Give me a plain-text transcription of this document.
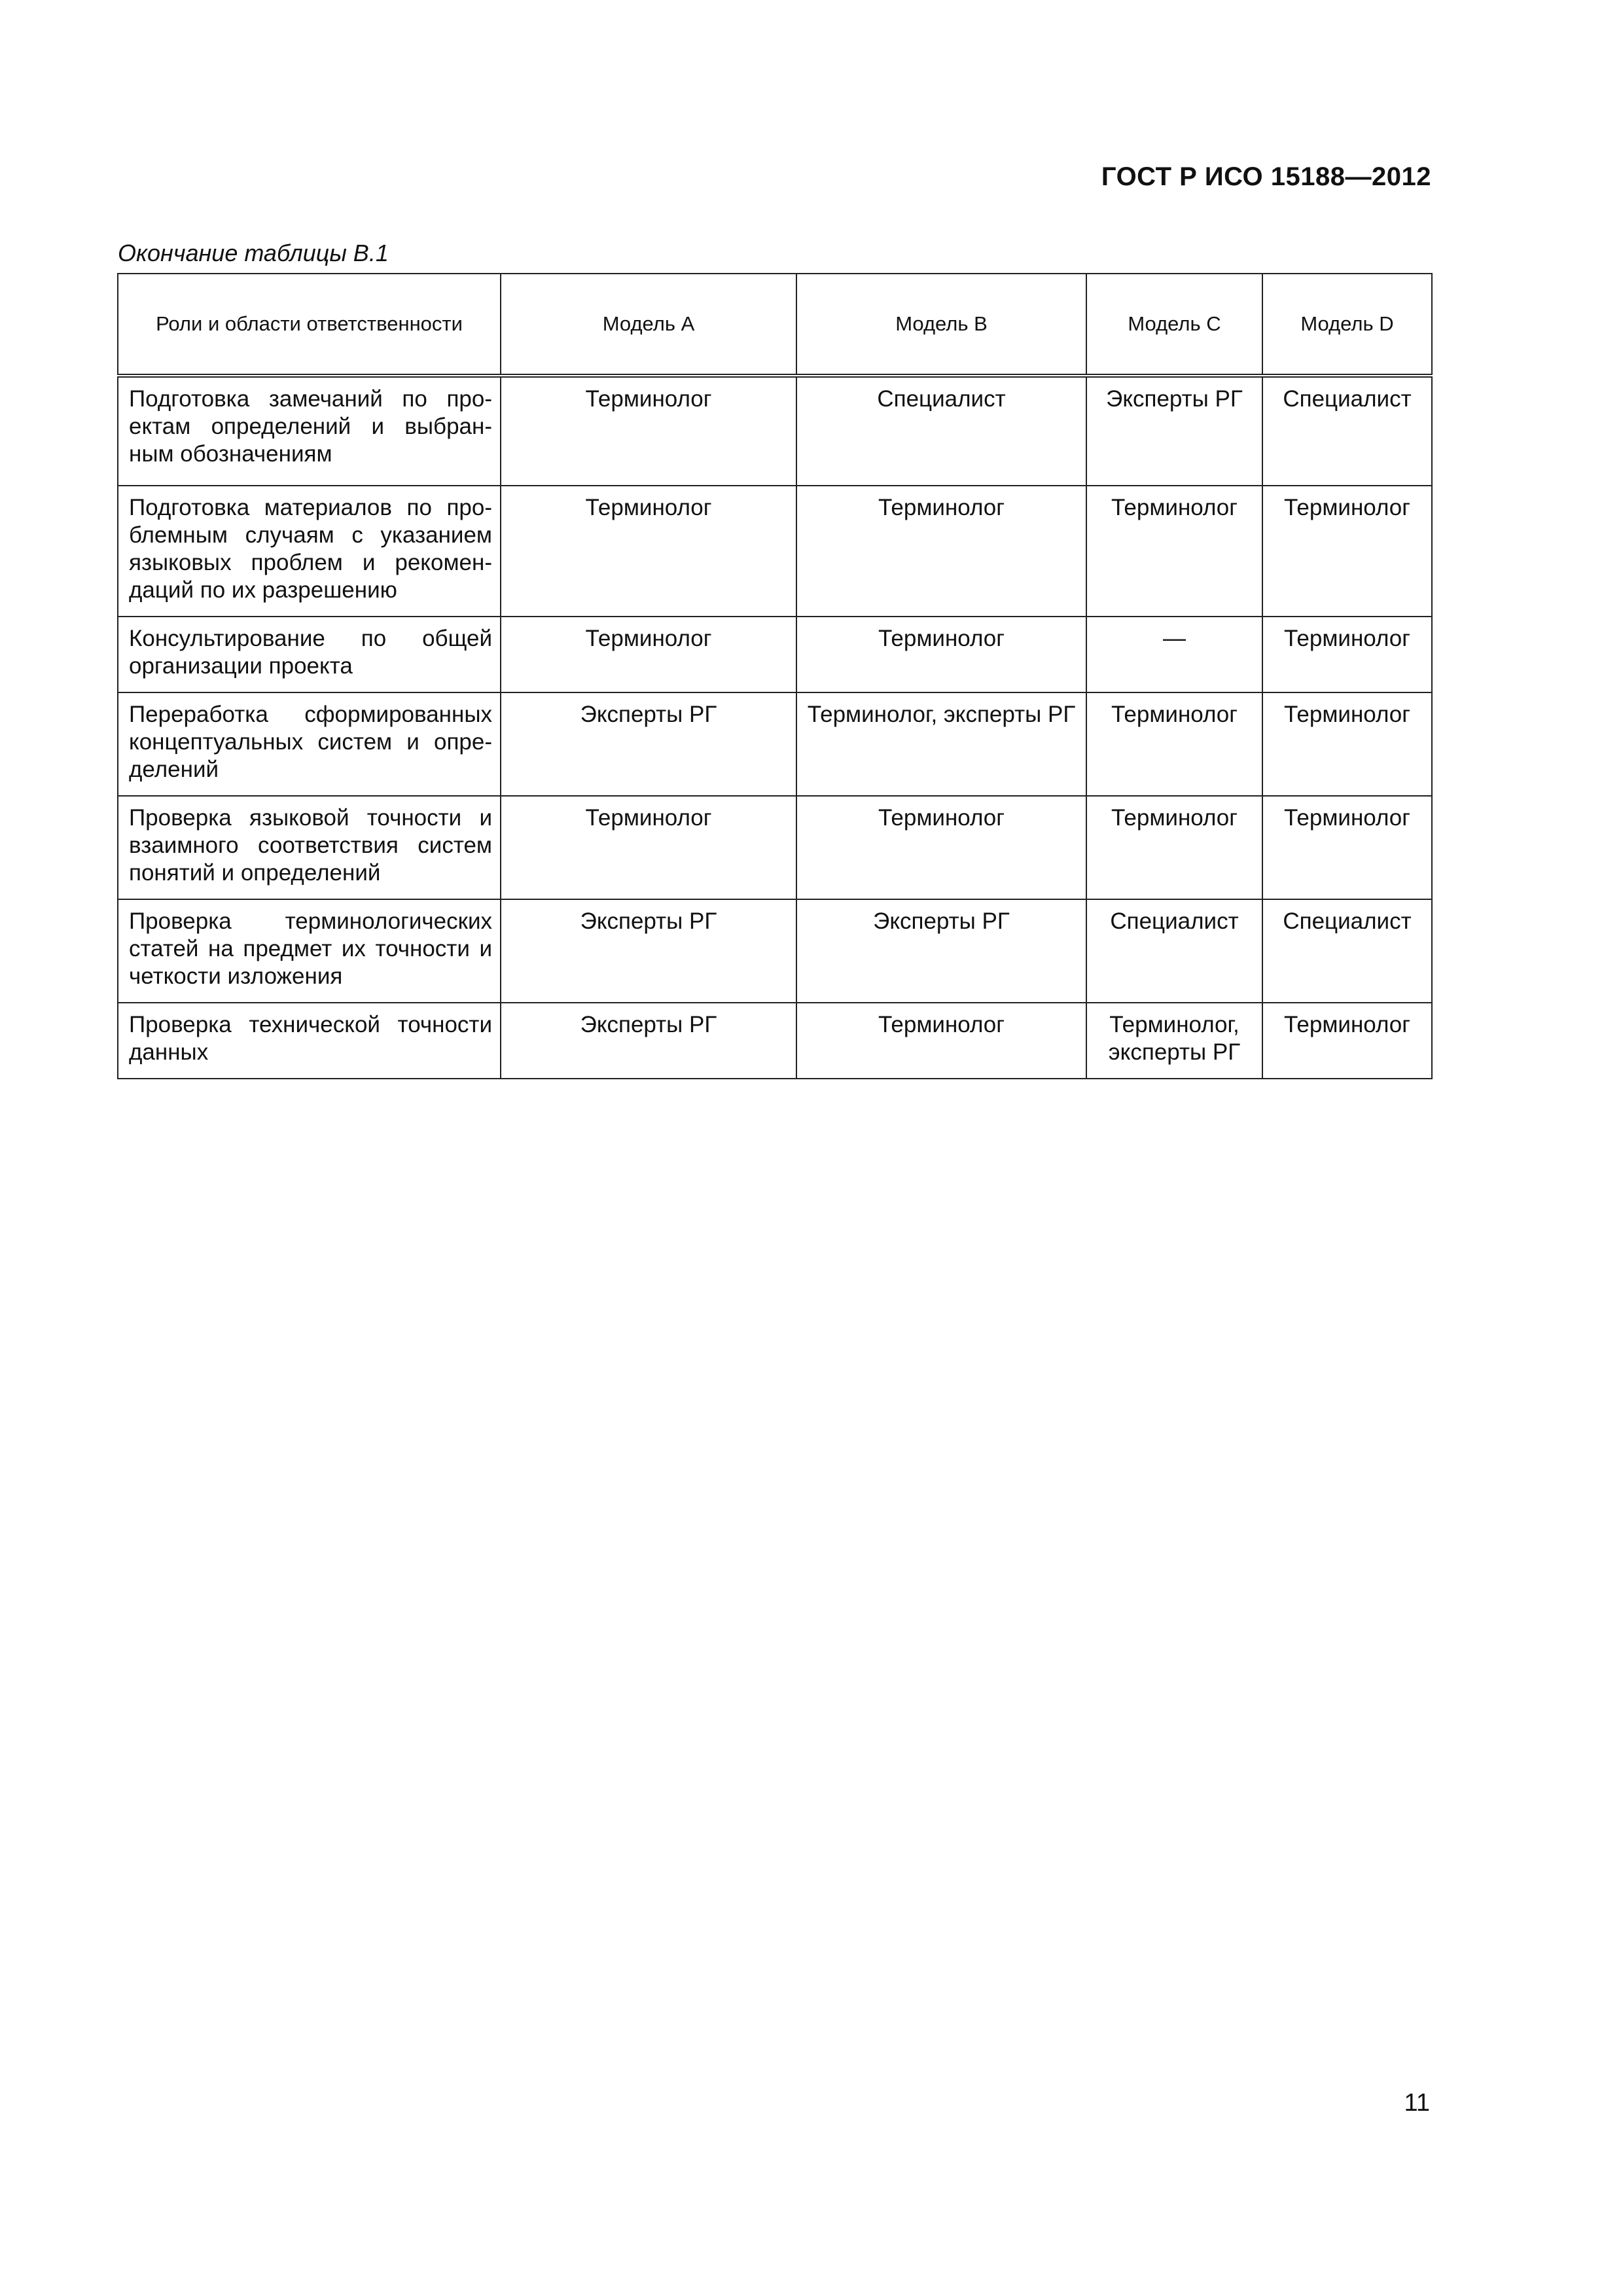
ГОСТ Р ИСО 15188—2012
Окончание таблицы В.1
Роли и области ответственности	Модель А	Модель В	Модель С	Модель D
Подготовка замечаний по про-ектам определений и выбран-ным обозначениям	Терминолог	Специалист	Эксперты РГ	Специалист
Подготовка материалов по про-блемным случаям с указанием языковых проблем и рекомен-даций по их разрешению	Терминолог	Терминолог	Терминолог	Терминолог
Консультирование по общей организации проекта	Терминолог	Терминолог	—	Терминолог
Переработка сформированных концептуальных систем и опре-делений	Эксперты РГ	Терминолог, эксперты РГ	Терминолог	Терминолог
Проверка языковой точности и взаимного соответствия систем понятий и определений	Терминолог	Терминолог	Терминолог	Терминолог
Проверка терминологических статей на предмет их точности и четкости изложения	Эксперты РГ	Эксперты РГ	Специалист	Специалист
Проверка технической точности данных	Эксперты РГ	Терминолог	Терминолог, эксперты РГ	Терминолог
11
